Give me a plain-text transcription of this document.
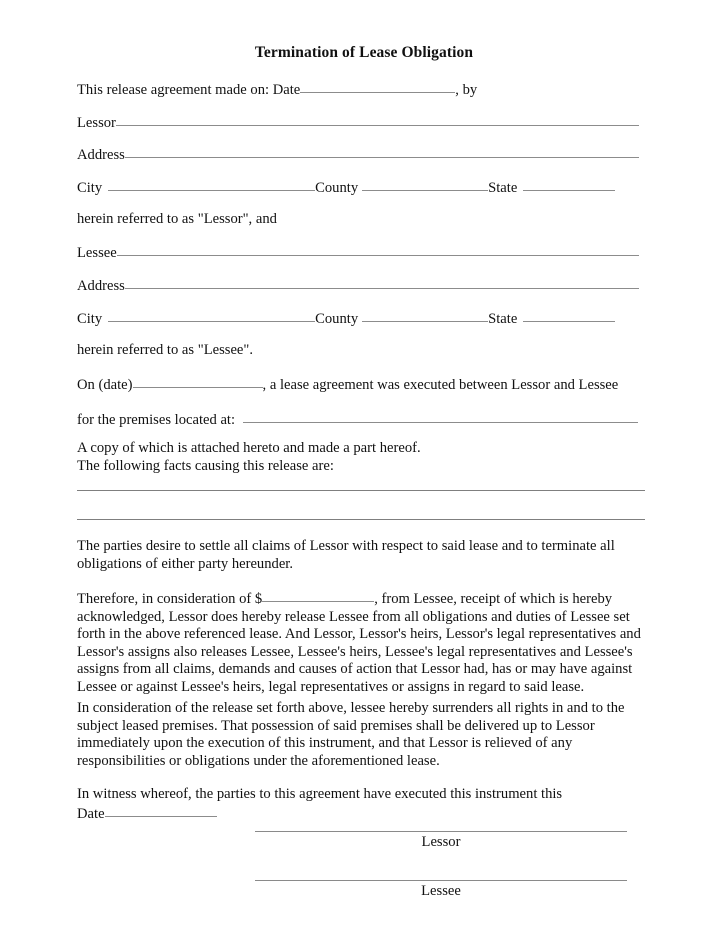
Termination of Lease Obligation
This release agreement made on: Date	, by
Lessor
Address
City	County	State
herein referred to as "Lessor", and
Lessee
Address
City	County	State
herein referred to as "Lessee".
On (date)	, a lease agreement was executed between Lessor and Lessee
for the premises located at:
A copy of which is attached hereto and made a part hereof.
The following facts causing this release are:
The parties desire to settle all claims of Lessor with respect to said lease and to terminate all obligations of either party hereunder.
Therefore, in consideration of $	, from Lessee, receipt of which is hereby acknowledged, Lessor does hereby release Lessee from all obligations and duties of Lessee set forth in the above referenced lease. And Lessor, Lessor's heirs, Lessor's legal representatives and Lessor's assigns also releases Lessee, Lessee's heirs, Lessee's legal representatives and Lessee's assigns from all claims, demands and causes of action that Lessor had, has or may have against Lessee or against Lessee's heirs, legal representatives or assigns in regard to said lease.
In consideration of the release set forth above, lessee hereby surrenders all rights in and to the subject leased premises. That possession of said premises shall be delivered up to Lessor immediately upon the execution of this instrument, and that Lessor is relieved of any responsibilities or obligations under the aforementioned lease.
In witness whereof, the parties to this agreement have executed this instrument this
Date
Lessor
Lessee
